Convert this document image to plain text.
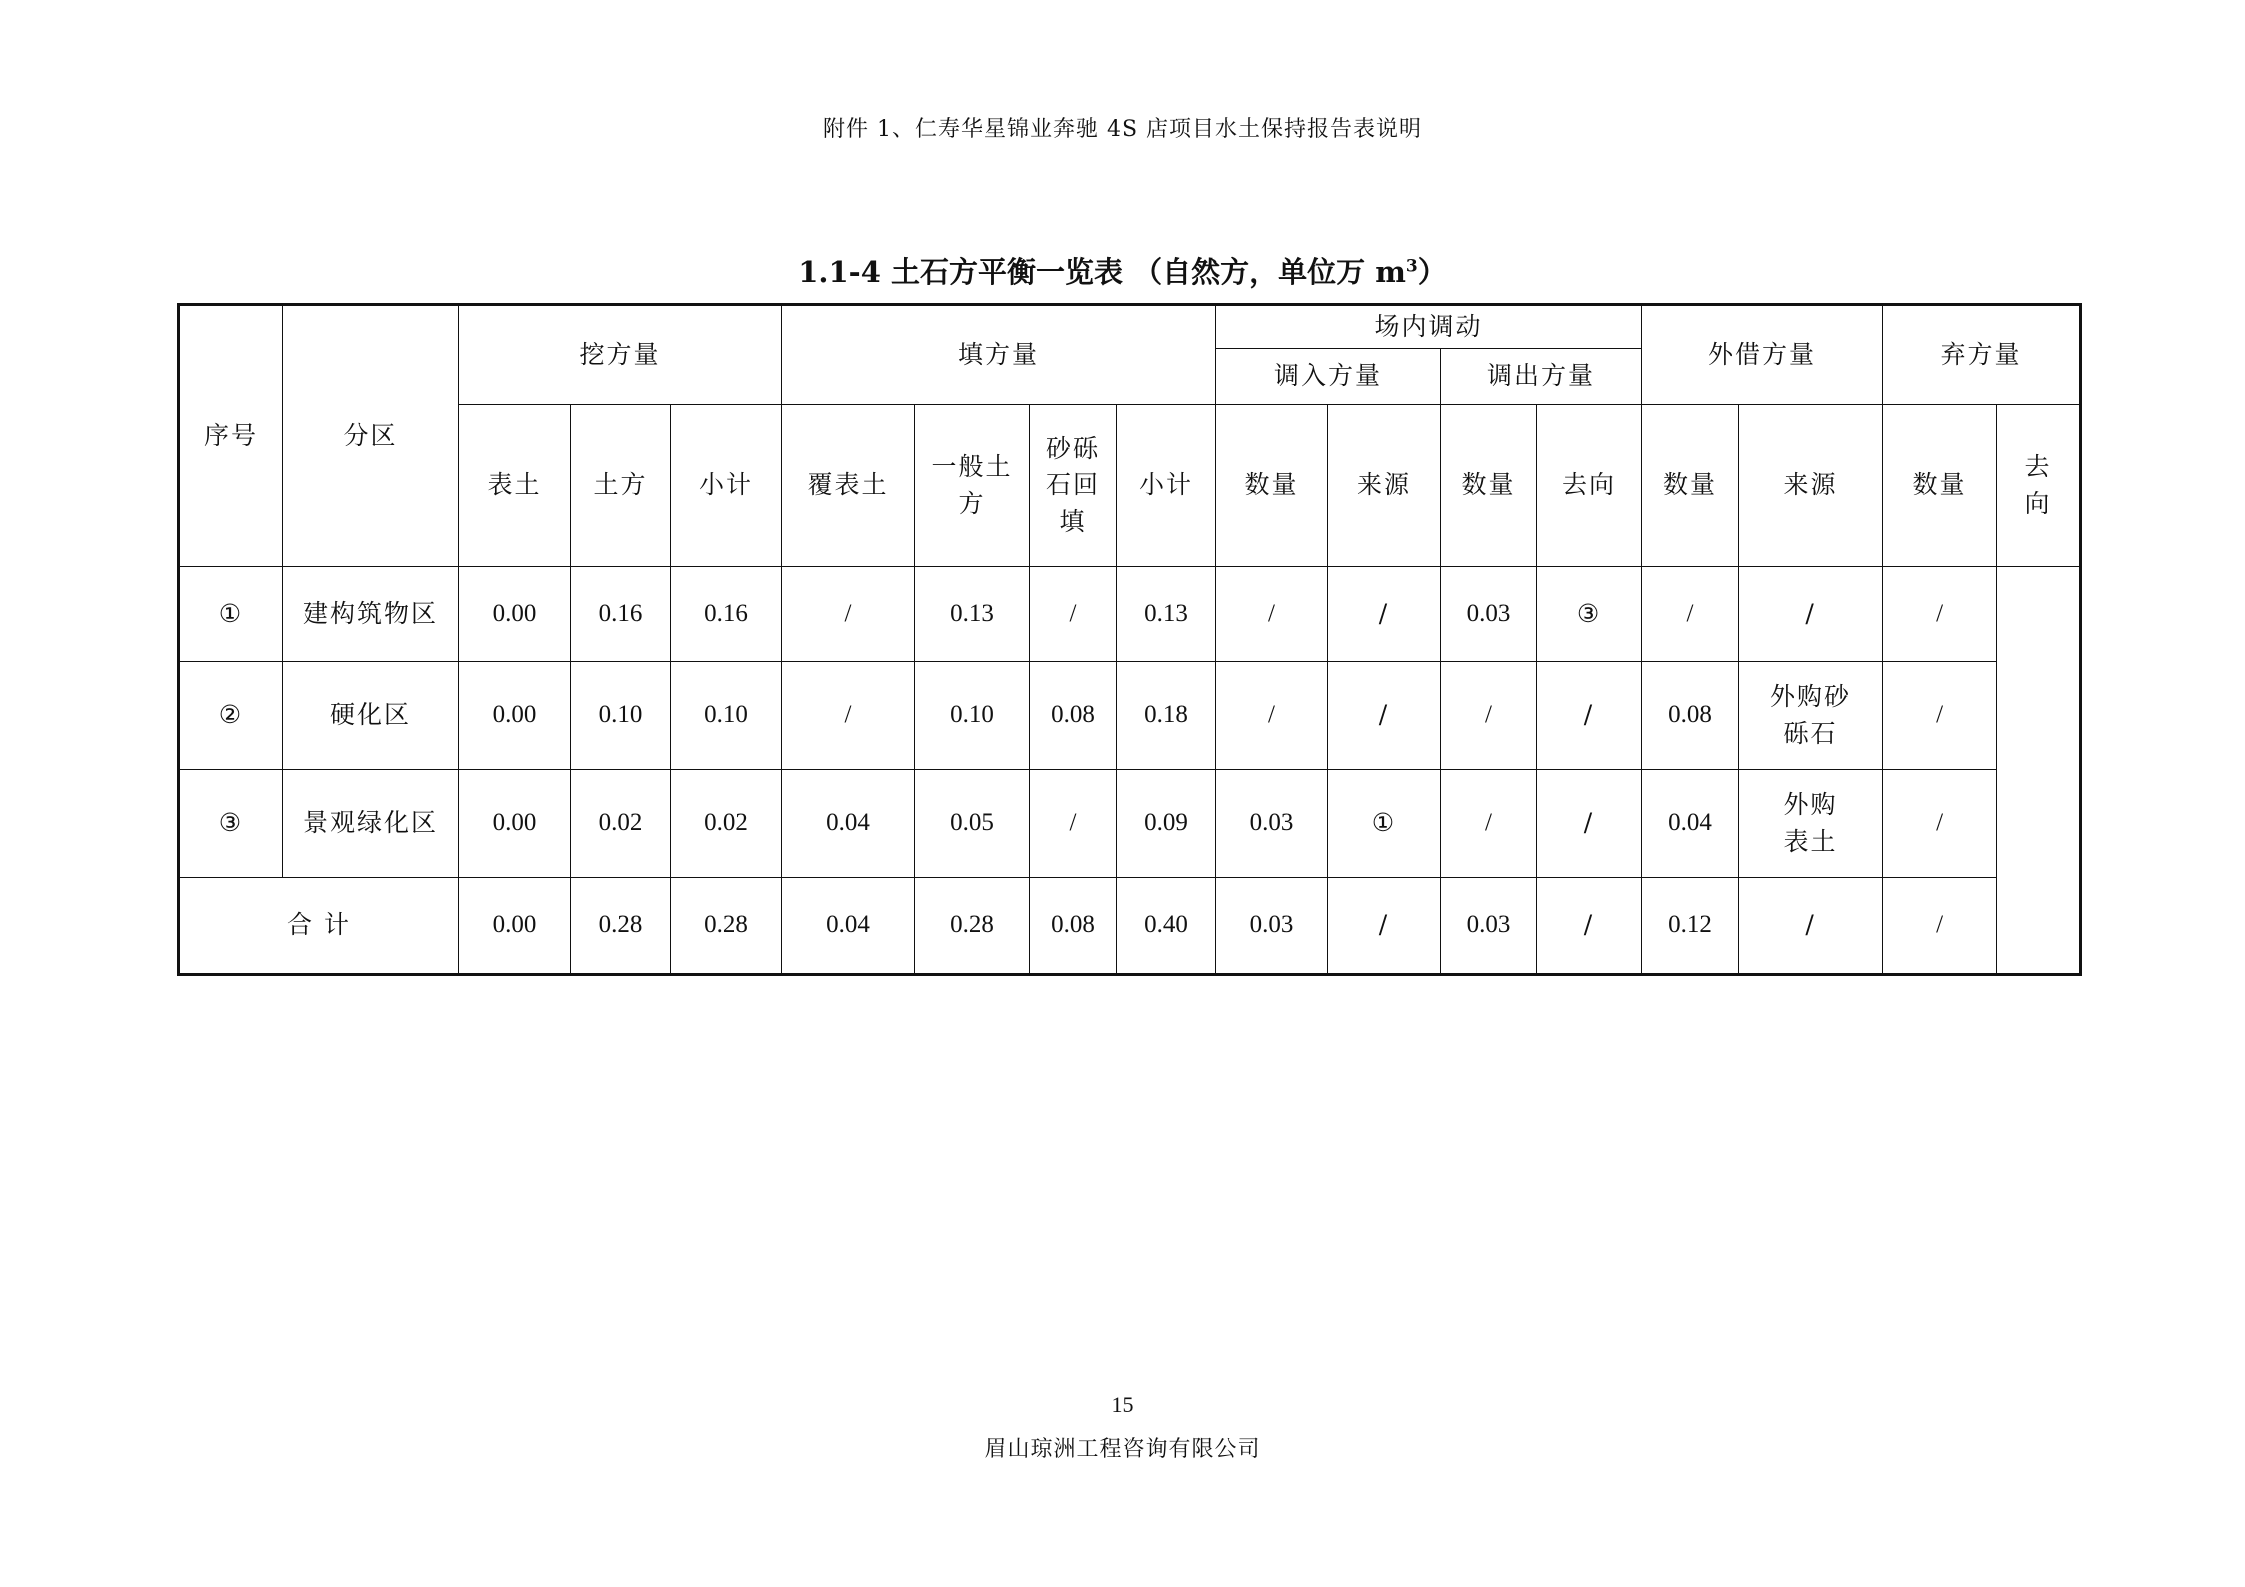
附件 1、仁寿华星锦业奔驰 4S 店项目水土保持报告表说明
1.1-4 土石方平衡一览表 （自然方，单位万 $m^3$）
序号	分区	挖方量			填方量				场内调动				外借方量		弃方量	
									调入方量		调出方量					
		表土	土方	小计	覆表土	一般土方	砂砾石回填	小计	数量	来源	数量	去向	数量	来源	数量	去向
①	建构筑物区	0.00	0.16	0.16	/	0.13	/	0.13	/	/	0.03	③	/	/	/	
②	硬化区	0.00	0.10	0.10	/	0.10	0.08	0.18	/	/	/	/	0.08	外购砂砾石	/	
③	景观绿化区	0.00	0.02	0.02	0.04	0.05	/	0.09	0.03	①	/	/	0.04	外购表土	/	
合 计		0.00	0.28	0.28	0.04	0.28	0.08	0.40	0.03	/	0.03	/	0.12	/	/	
15
眉山琼洲工程咨询有限公司
